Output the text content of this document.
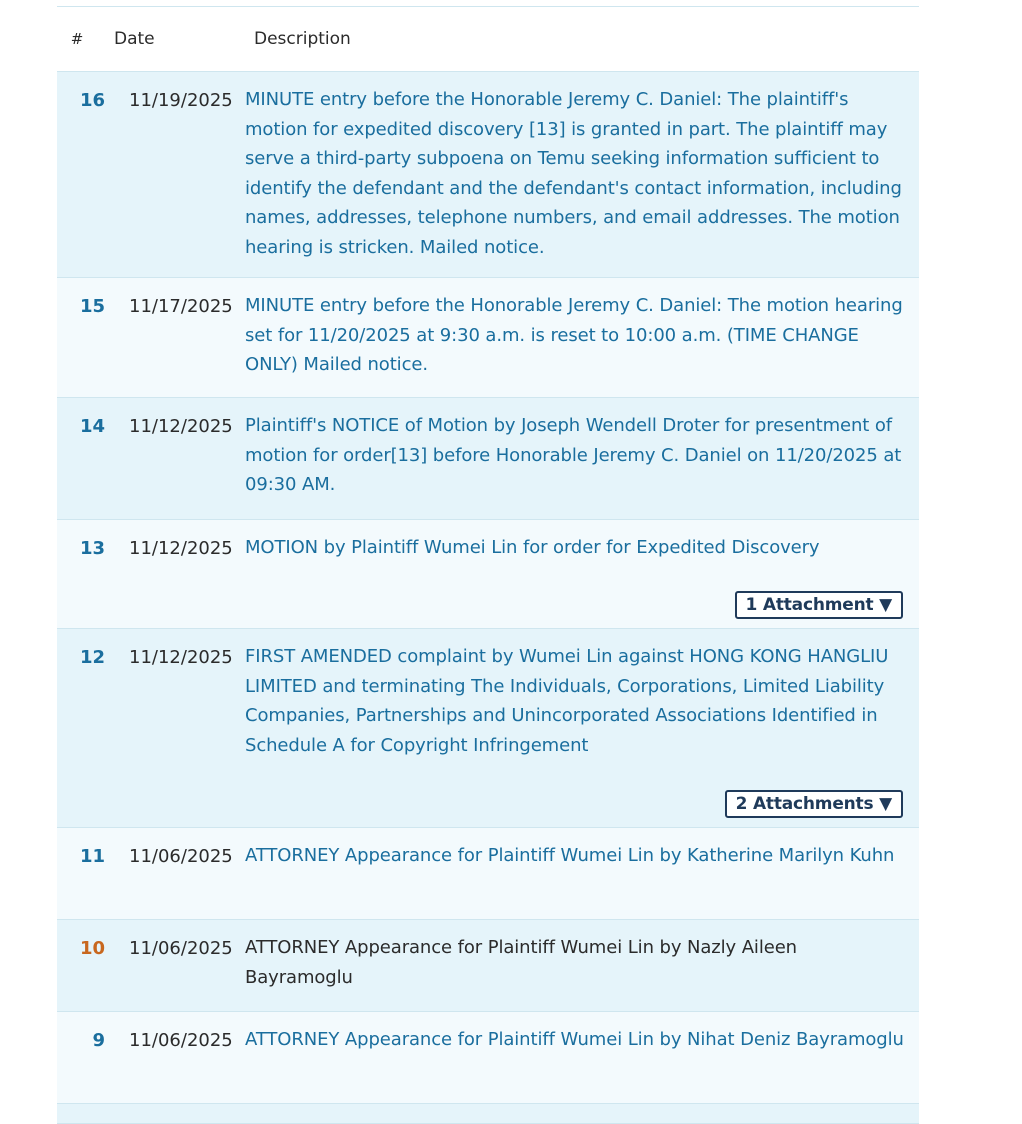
#	Date	Description
16	11/19/2025 MINUTE entry before the Honorable Jeremy C. Daniel: The plaintiff's motion for expedited discovery [13] is granted in part. The plaintiff may serve a third-party subpoena on Temu seeking information sufficient to identify the defendant and the defendant's contact information, including names, addresses, telephone numbers, and email addresses. The motion hearing is stricken. Mailed notice.
15	11/17/2025 MINUTE entry before the Honorable Jeremy C. Daniel: The motion hearing set for 11/20/2025 at 9:30 a.m. is reset to 10:00 a.m. (TIME CHANGE ONLY) Mailed notice.
14	11/12/2025 Plaintiff's NOTICE of Motion by Joseph Wendell Droter for presentment of motion for order[13] before Honorable Jeremy C. Daniel on 11/20/2025 at 09:30 AM.
13	11/12/2025 MOTION by Plaintiff Wumei Lin for order for Expedited Discovery
1 Attachment ▼
12	11/12/2025 FIRST AMENDED complaint by Wumei Lin against HONG KONG HANGLIU LIMITED and terminating The Individuals, Corporations, Limited Liability Companies, Partnerships and Unincorporated Associations Identified in Schedule A for Copyright Infringement
2 Attachments ▼
11	11/06/2025 ATTORNEY Appearance for Plaintiff Wumei Lin by Katherine Marilyn Kuhn
10	11/06/2025 ATTORNEY Appearance for Plaintiff Wumei Lin by Nazly Aileen Bayramoglu
9	11/06/2025 ATTORNEY Appearance for Plaintiff Wumei Lin by Nihat Deniz Bayramoglu
